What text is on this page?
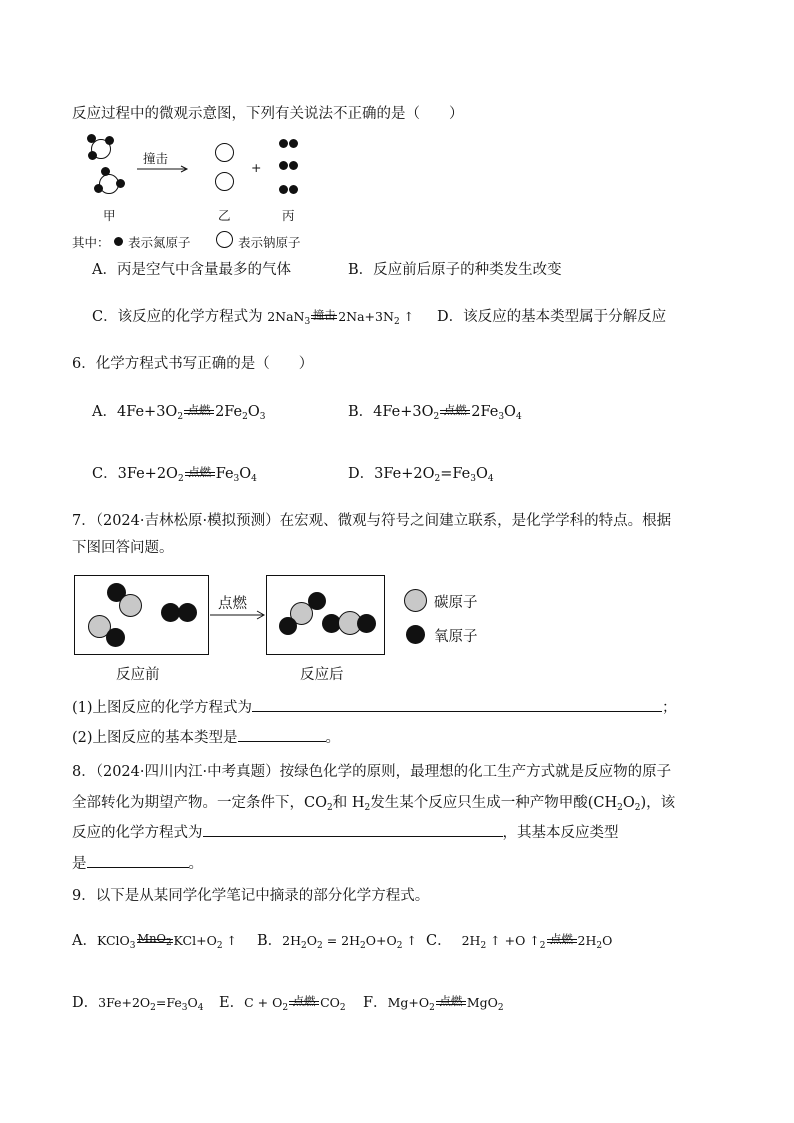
反应过程中的微观示意图，下列有关说法不正确的是（　　）
撞击
+
甲	乙	丙
其中： 表示氮原子	表示钠原子
A．丙是空气中含量最多的气体	B．反应前后原子的种类发生改变
C．该反应的化学方程式为 2NaN$_3$ 撞击 $2Na+3N_2$ ↑ D．该反应的基本类型属于分解反应
6．化学方程式书写正确的是（　　）
A．$4Fe+3O_2$ 点燃 $2Fe_2O_3$	B．$4Fe+3O_2$ 点燃 $2Fe_3O_4$
C．$3Fe+2O_2$ 点燃 $Fe_3O_4$	D．$3Fe+2O_2=Fe_3O_4$
7．（2024·吉林松原·模拟预测）在宏观、微观与符号之间建立联系，是化学学科的特点。根据
下图回答问题。
点燃	碳原子
氧原子
反应前	反应后
(1)上图反应的化学方程式为	；
(2)上图反应的基本类型是	。
8．（2024·四川内江·中考真题）按绿色化学的原则，最理想的化工生产方式就是反应物的原子
全部转化为期望产物。一定条件下，$CO_2$和 $H_2$发生某个反应只生成一种产物甲酸$(CH_2O_2)$，该
反应的化学方程式为	，其基本反应类型
是	。
9．以下是从某同学化学笔记中摘录的部分化学方程式。
A．KClO$_3$
MnO$_2$ $KCl+O_2$ ↑ B．$2H_2O_2 = 2H_2O+O_2$ ↑ C． $2H_2$ ↑ +O $↑_2$ 点燃 $2H_2O$
D．$3Fe+2O_2=Fe_3O_4$ E．$C + O_2$ 点燃 $CO_2$ F．$Mg+O_2$ 点燃 MgO$_2$
